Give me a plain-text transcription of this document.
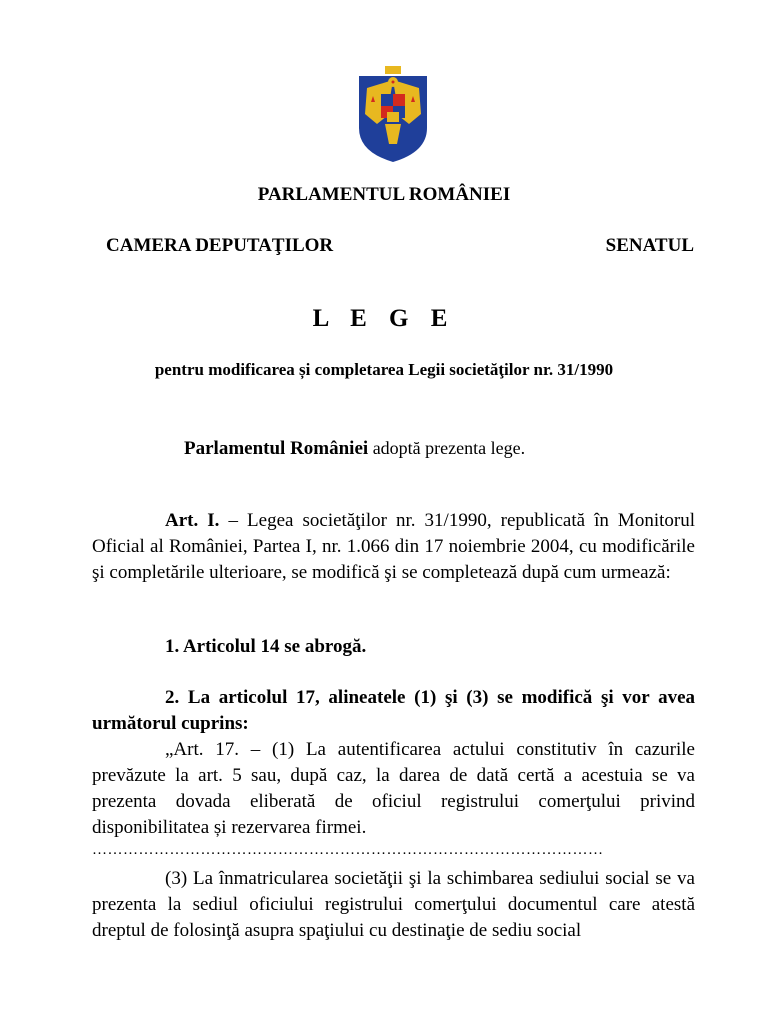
PARLAMENTUL ROMÂNIEI
CAMERA DEPUTAŢILOR	SENATUL
L E G E
pentru modificarea și completarea Legii societăţilor nr. 31/1990
Parlamentul României adoptă prezenta lege.
Art. I. – Legea societăţilor nr. 31/1990, republicată în Monitorul Oficial al României, Partea I, nr. 1.066 din 17 noiembrie 2004, cu modificările şi completările ulterioare, se modifică şi se completează după cum urmează:
1. Articolul 14 se abrogă.
2. La articolul 17, alineatele (1) şi (3) se modifică şi vor avea următorul cuprins:
„Art. 17. – (1) La autentificarea actului constitutiv în cazurile prevăzute la art. 5 sau, după caz, la darea de dată certă a acestuia se va prezenta dovada eliberată de oficiul registrului comerţului privind disponibilitatea și rezervarea firmei.
………………………………………………………………………………………
(3) La înmatricularea societăţii şi la schimbarea sediului social se va prezenta la sediul oficiului registrului comerţului documentul care atestă dreptul de folosinţă asupra spaţiului cu destinaţie de sediu social
